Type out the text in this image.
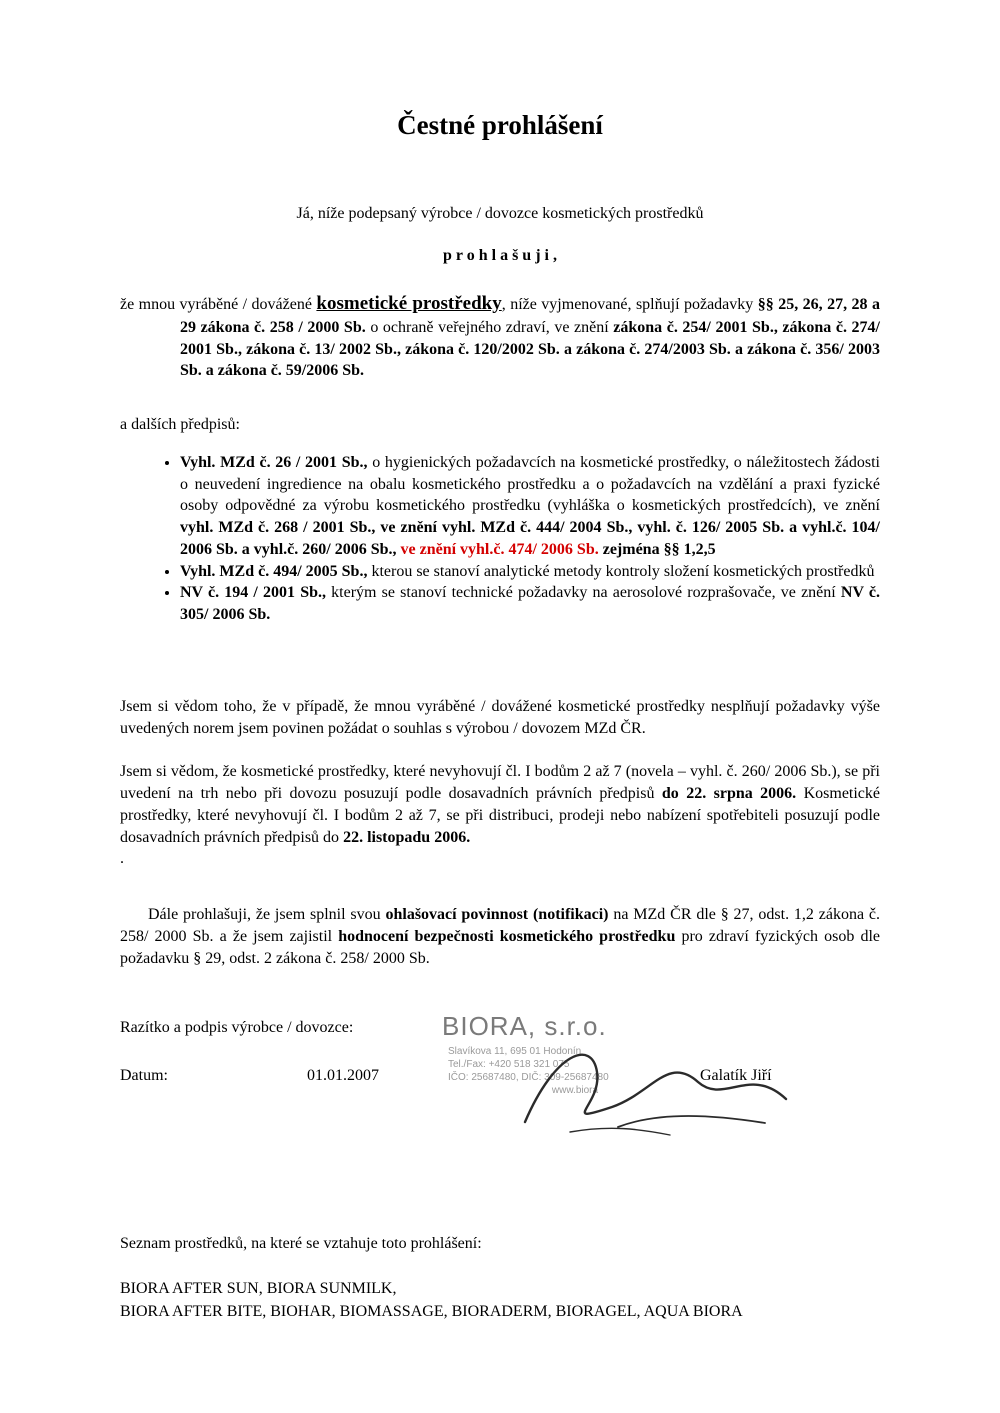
Čestné prohlášení

Já, níže podepsaný výrobce / dovozce kosmetických prostředků

p r o h l a š u j i ,

že mnou vyráběné / dovážené kosmetické prostředky, níže vyjmenované, splňují požadavky §§ 25, 26, 27, 28 a 29 zákona č. 258 / 2000 Sb. o ochraně veřejného zdraví, ve znění zákona č. 254/ 2001 Sb., zákona č. 274/ 2001 Sb., zákona č. 13/ 2002 Sb., zákona č. 120/2002 Sb. a zákona č. 274/2003 Sb. a zákona č. 356/ 2003 Sb. a zákona č. 59/2006 Sb.

a dalších předpisů:

• Vyhl. MZd č. 26 / 2001 Sb., o hygienických požadavcích na kosmetické prostředky, o náležitostech žádosti o neuvedení ingredience na obalu kosmetického prostředku a o požadavcích na vzdělání a praxi fyzické osoby odpovědné za výrobu kosmetického prostředku (vyhláška o kosmetických prostředcích), ve znění vyhl. MZd č. 268 / 2001 Sb., ve znění vyhl. MZd č. 444/ 2004 Sb., vyhl. č. 126/ 2005 Sb. a vyhl.č. 104/ 2006 Sb. a vyhl.č. 260/ 2006 Sb., ve znění vyhl.č. 474/ 2006 Sb. zejména §§ 1,2,5
• Vyhl. MZd č. 494/ 2005 Sb., kterou se stanoví analytické metody kontroly složení kosmetických prostředků
• NV č. 194 / 2001 Sb., kterým se stanoví technické požadavky na aerosolové rozprašovače, ve znění NV č. 305/ 2006 Sb.

Jsem si vědom toho, že v případě, že mnou vyráběné / dovážené kosmetické prostředky nesplňují požadavky výše uvedených norem jsem povinen požádat o souhlas s výrobou / dovozem MZd ČR.

Jsem si vědom, že kosmetické prostředky, které nevyhovují čl. I bodům 2 až 7 (novela – vyhl. č. 260/ 2006 Sb.), se při uvedení na trh nebo při dovozu posuzují podle dosavadních právních předpisů do 22. srpna 2006. Kosmetické prostředky, které nevyhovují čl. I bodům 2 až 7, se při distribuci, prodeji nebo nabízení spotřebiteli posuzují podle dosavadních právních předpisů do 22. listopadu 2006.

.

Dále prohlašuji, že jsem splnil svou ohlašovací povinnost (notifikaci) na MZd ČR dle § 27, odst. 1,2 zákona č. 258/ 2000 Sb. a že jsem zajistil hodnocení bezpečnosti kosmetického prostředku pro zdraví fyzických osob dle požadavku § 29, odst. 2 zákona č. 258/ 2000 Sb.

Razítko a podpis výrobce / dovozce:	BIORA, s.r.o.
Slavíkova 11, 695 01 Hodonín
Tel./Fax: +420 518 321 075
IČO: 25687480, DIČ: 309-25687480
www.biora
Datum:	01.01.2007	Galatík Jiří

Seznam prostředků, na které se vztahuje toto prohlášení:

BIORA AFTER SUN, BIORA SUNMILK,

BIORA AFTER BITE, BIOHAR, BIOMASSAGE, BIORADERM, BIORAGEL, AQUA BIORA
